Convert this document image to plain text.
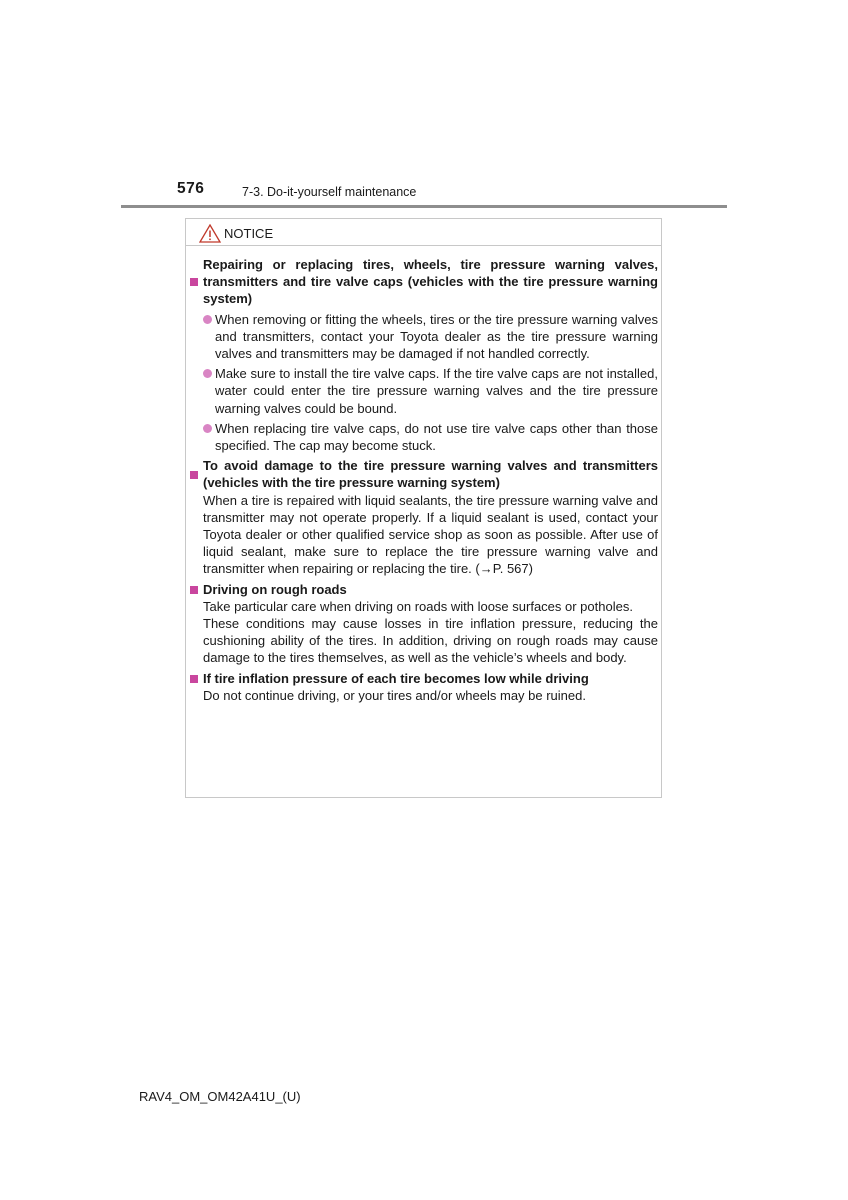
576	7-3. Do-it-yourself maintenance
NOTICE
Repairing or replacing tires, wheels, tire pressure warning valves, transmitters and tire valve caps (vehicles with the tire pressure warning system)
When removing or fitting the wheels, tires or the tire pressure warning valves and transmitters, contact your Toyota dealer as the tire pressure warning valves and transmitters may be damaged if not handled correctly.
Make sure to install the tire valve caps. If the tire valve caps are not installed, water could enter the tire pressure warning valves and the tire pressure warning valves could be bound.
When replacing tire valve caps, do not use tire valve caps other than those specified. The cap may become stuck.
To avoid damage to the tire pressure warning valves and transmitters (vehicles with the tire pressure warning system)
When a tire is repaired with liquid sealants, the tire pressure warning valve and transmitter may not operate properly. If a liquid sealant is used, contact your Toyota dealer or other qualified service shop as soon as possible. After use of liquid sealant, make sure to replace the tire pressure warning valve and transmitter when repairing or replacing the tire. (→P. 567)
Driving on rough roads
Take particular care when driving on roads with loose surfaces or potholes.
These conditions may cause losses in tire inflation pressure, reducing the cushioning ability of the tires. In addition, driving on rough roads may cause damage to the tires themselves, as well as the vehicle’s wheels and body.
If tire inflation pressure of each tire becomes low while driving
Do not continue driving, or your tires and/or wheels may be ruined.
RAV4_OM_OM42A41U_(U)
